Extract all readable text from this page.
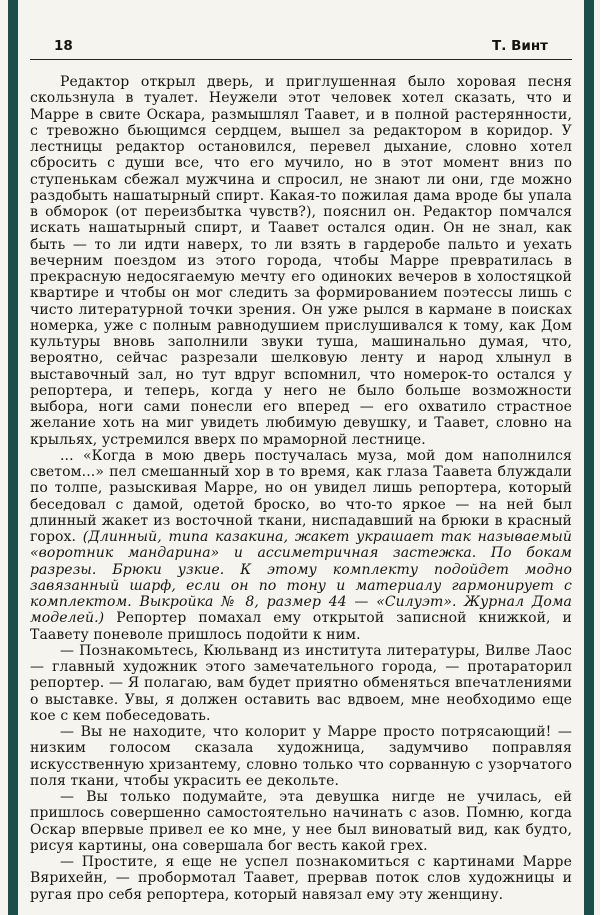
18	Т. Винт

Редактор открыл дверь, и приглушенная было хоровая песня скользнула в туалет. Неужели этот человек хотел сказать, что и Марре в свите Оскара, размышлял Таавет, и в полной растерянности, с тревожно бьющимся сердцем, вышел за редактором в коридор. У лестницы редактор остановился, перевел дыхание, словно хотел сбросить с души все, что его мучило, но в этот момент вниз по ступенькам сбежал мужчина и спросил, не знают ли они, где можно раздобыть нашатырный спирт. Какая-то пожилая дама вроде бы упала в обморок (от переизбытка чувств?), пояснил он. Редактор помчался искать нашатырный спирт, и Таавет остался один. Он не знал, как быть — то ли идти наверх, то ли взять в гардеробе пальто и уехать вечерним поездом из этого города, чтобы Марре превратилась в прекрасную недосягаемую мечту его одиноких вечеров в холостяцкой квартире и чтобы он мог следить за формированием поэтессы лишь с чисто литературной точки зрения. Он уже рылся в кармане в поисках номерка, уже с полным равнодушием прислушивался к тому, как Дом культуры вновь заполнили звуки туша, машинально думая, что, вероятно, сейчас разрезали шелковую ленту и народ хлынул в выставочный зал, но тут вдруг вспомнил, что номерок-то остался у репортера, и теперь, когда у него не было больше возможности выбора, ноги сами понесли его вперед — его охватило страстное желание хоть на миг увидеть любимую девушку, и Таавет, словно на крыльях, устремился вверх по мраморной лестнице.

... «Когда в мою дверь постучалась муза, мой дом наполнился светом...» пел смешанный хор в то время, как глаза Таавета блуждали по толпе, разыскивая Марре, но он увидел лишь репортера, который беседовал с дамой, одетой броско, во что-то яркое — на ней был длинный жакет из восточной ткани, ниспадавший на брюки в красный горох. (Длинный, типа казакина, жакет украшает так называемый «воротник мандарина» и ассиметричная застежка. По бокам разрезы. Брюки узкие. К этому комплекту подойдет модно завязанный шарф, если он по тону и материалу гармонирует с комплектом. Выкройка № 8, размер 44 — «Силуэт». Журнал Дома моделей.) Репортер помахал ему открытой записной книжкой, и Таавету поневоле пришлось подойти к ним.

— Познакомьтесь, Кюльванд из института литературы, Вилве Лаос — главный художник этого замечательного города, — протараторил репортер. — Я полагаю, вам будет приятно обменяться впечатлениями о выставке. Увы, я должен оставить вас вдвоем, мне необходимо еще кое с кем побеседовать.

— Вы не находите, что колорит у Марре просто потрясающий! — низким голосом сказала художница, задумчиво поправляя искусственную хризантему, словно только что сорванную с узорчатого поля ткани, чтобы украсить ее декольте.

— Вы только подумайте, эта девушка нигде не училась, ей пришлось совершенно самостоятельно начинать с азов. Помню, когда Оскар впервые привел ее ко мне, у нее был виноватый вид, как будто, рисуя картины, она совершала бог весть какой грех.

— Простите, я еще не успел познакомиться с картинами Марре Вярихейн, — пробормотал Таавет, прервав поток слов художницы и ругая про себя репортера, который навязал ему эту женщину.
